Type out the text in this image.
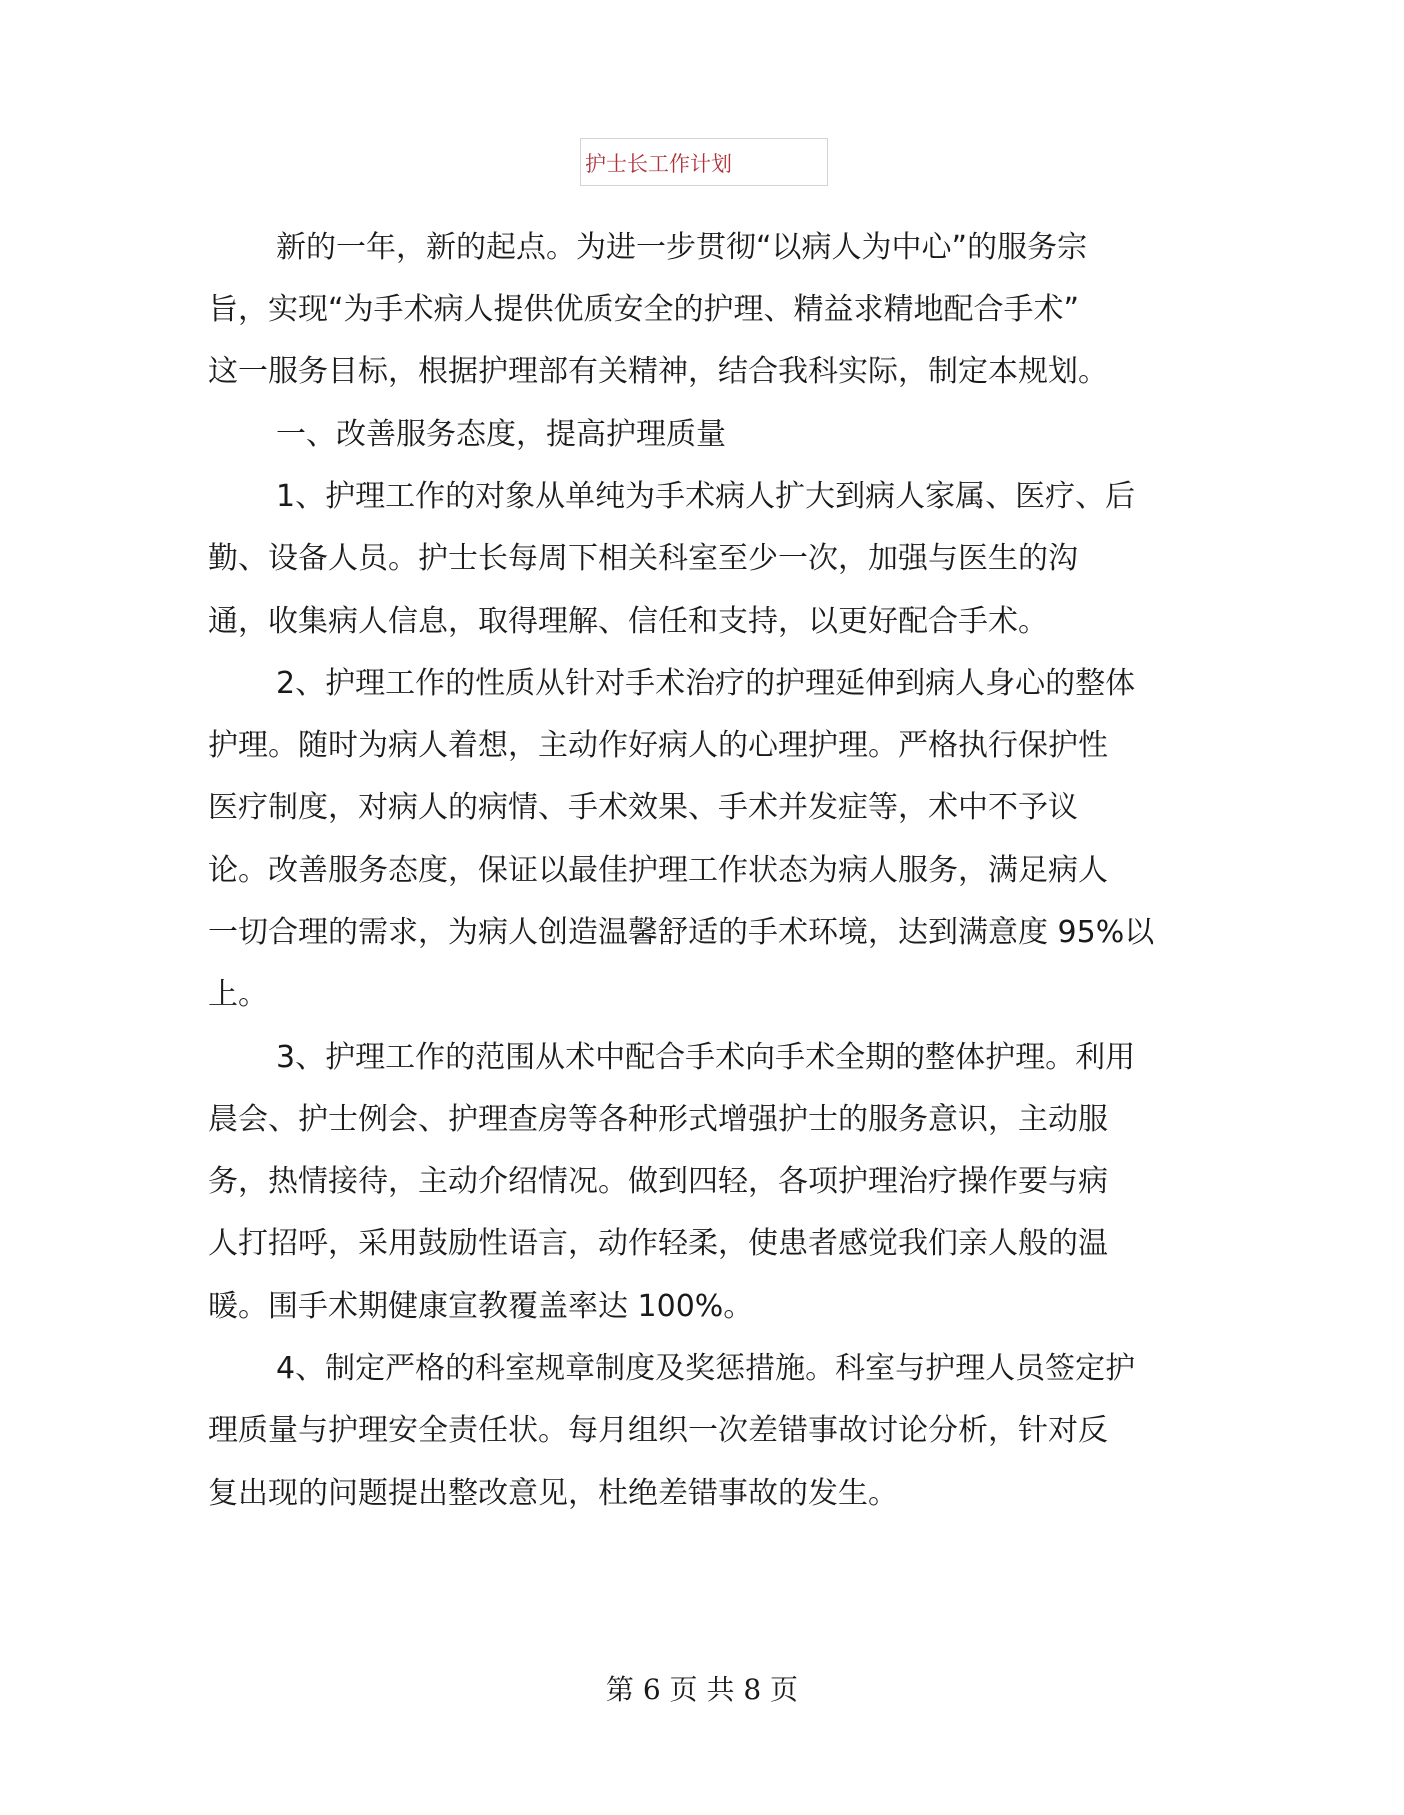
护士长工作计划
新的一年，新的起点。为进一步贯彻“以病人为中心”的服务宗
旨，实现“为手术病人提供优质安全的护理、精益求精地配合手术”
这一服务目标，根据护理部有关精神，结合我科实际，制定本规划。
一、改善服务态度，提高护理质量
1、护理工作的对象从单纯为手术病人扩大到病人家属、医疗、后
勤、设备人员。护士长每周下相关科室至少一次，加强与医生的沟
通，收集病人信息，取得理解、信任和支持，以更好配合手术。
2、护理工作的性质从针对手术治疗的护理延伸到病人身心的整体
护理。随时为病人着想，主动作好病人的心理护理。严格执行保护性
医疗制度，对病人的病情、手术效果、手术并发症等，术中不予议
论。改善服务态度，保证以最佳护理工作状态为病人服务，满足病人
一切合理的需求，为病人创造温馨舒适的手术环境，达到满意度 95%以
上。
3、护理工作的范围从术中配合手术向手术全期的整体护理。利用
晨会、护士例会、护理查房等各种形式增强护士的服务意识，主动服
务，热情接待，主动介绍情况。做到四轻，各项护理治疗操作要与病
人打招呼，采用鼓励性语言，动作轻柔，使患者感觉我们亲人般的温
暖。围手术期健康宣教覆盖率达 100%。
4、制定严格的科室规章制度及奖惩措施。科室与护理人员签定护
理质量与护理安全责任状。每月组织一次差错事故讨论分析，针对反
复出现的问题提出整改意见，杜绝差错事故的发生。
第 6 页 共 8 页
